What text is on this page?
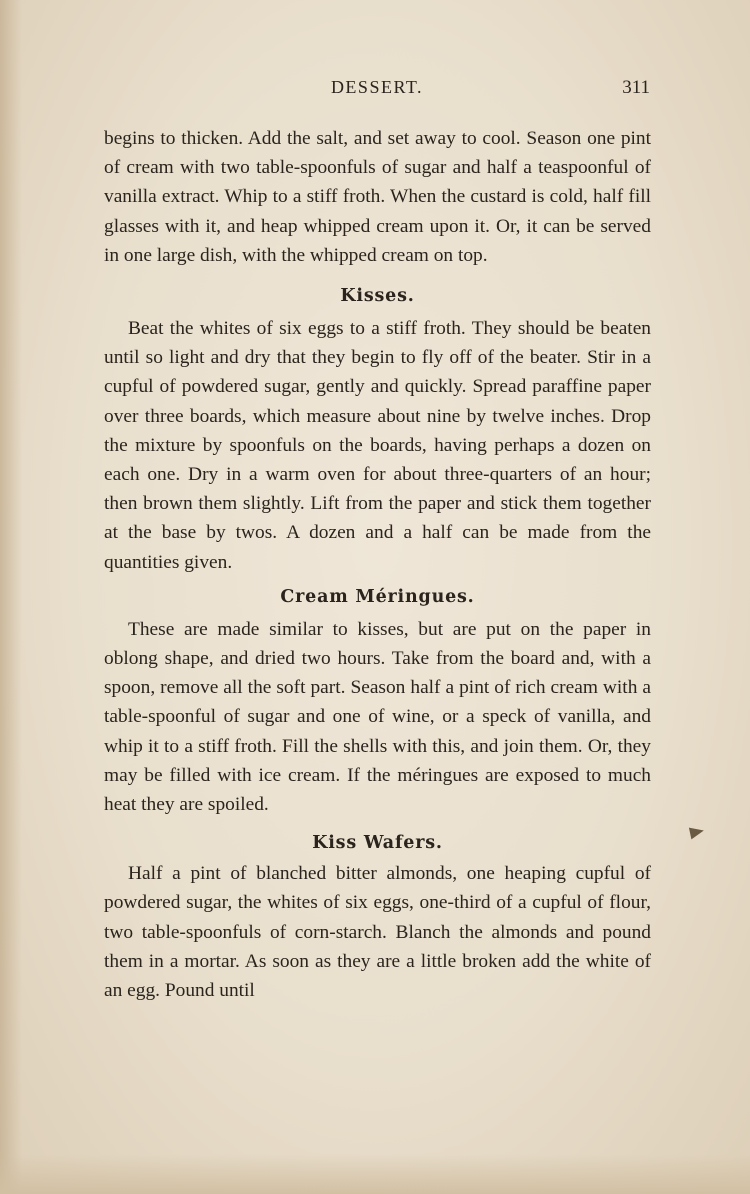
DESSERT.	311

begins to thicken. Add the salt, and set away to cool. Season one pint of cream with two table-spoonfuls of sugar and half a teaspoonful of vanilla extract. Whip to a stiff froth. When the custard is cold, half fill glasses with it, and heap whipped cream upon it. Or, it can be served in one large dish, with the whipped cream on top.

Kisses.

Beat the whites of six eggs to a stiff froth. They should be beaten until so light and dry that they begin to fly off of the beater. Stir in a cupful of powdered sugar, gently and quickly. Spread paraffine paper over three boards, which measure about nine by twelve inches. Drop the mixture by spoonfuls on the boards, having perhaps a dozen on each one. Dry in a warm oven for about three-quarters of an hour; then brown them slightly. Lift from the paper and stick them together at the base by twos. A dozen and a half can be made from the quantities given.

Cream Méringues.

These are made similar to kisses, but are put on the paper in oblong shape, and dried two hours. Take from the board and, with a spoon, remove all the soft part. Season half a pint of rich cream with a table-spoonful of sugar and one of wine, or a speck of vanilla, and whip it to a stiff froth. Fill the shells with this, and join them. Or, they may be filled with ice cream. If the méringues are exposed to much heat they are spoiled.

Kiss Wafers.

Half a pint of blanched bitter almonds, one heaping cupful of powdered sugar, the whites of six eggs, one-third of a cupful of flour, two table-spoonfuls of corn-starch. Blanch the almonds and pound them in a mortar. As soon as they are a little broken add the white of an egg. Pound until
